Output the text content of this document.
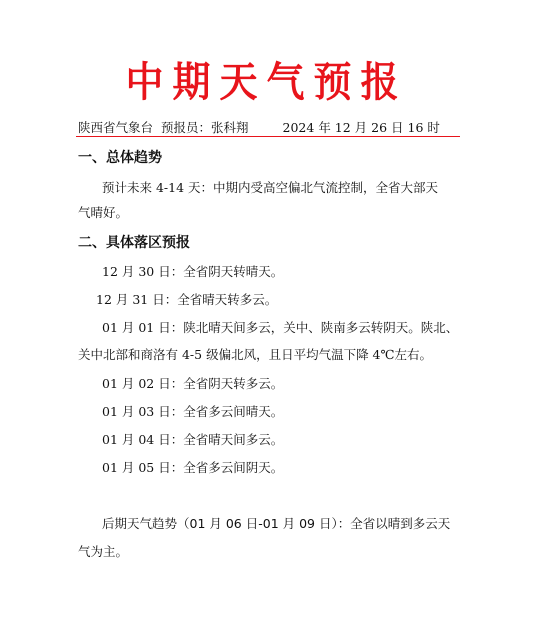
中期天气预报
陕西省气象台 预报员：张科翔	2024 年 12 月 26 日 16 时
一、总体趋势
预计未来 4-14 天：中期内受高空偏北气流控制，全省大部天
气晴好。
二、具体落区预报
12 月 30 日：全省阴天转晴天。
12 月 31 日：全省晴天转多云。
01 月 01 日：陕北晴天间多云，关中、陕南多云转阴天。陕北、
关中北部和商洛有 4-5 级偏北风，且日平均气温下降 4℃左右。
01 月 02 日：全省阴天转多云。
01 月 03 日：全省多云间晴天。
01 月 04 日：全省晴天间多云。
01 月 05 日：全省多云间阴天。
后期天气趋势（01 月 06 日-01 月 09 日）：全省以晴到多云天
气为主。
